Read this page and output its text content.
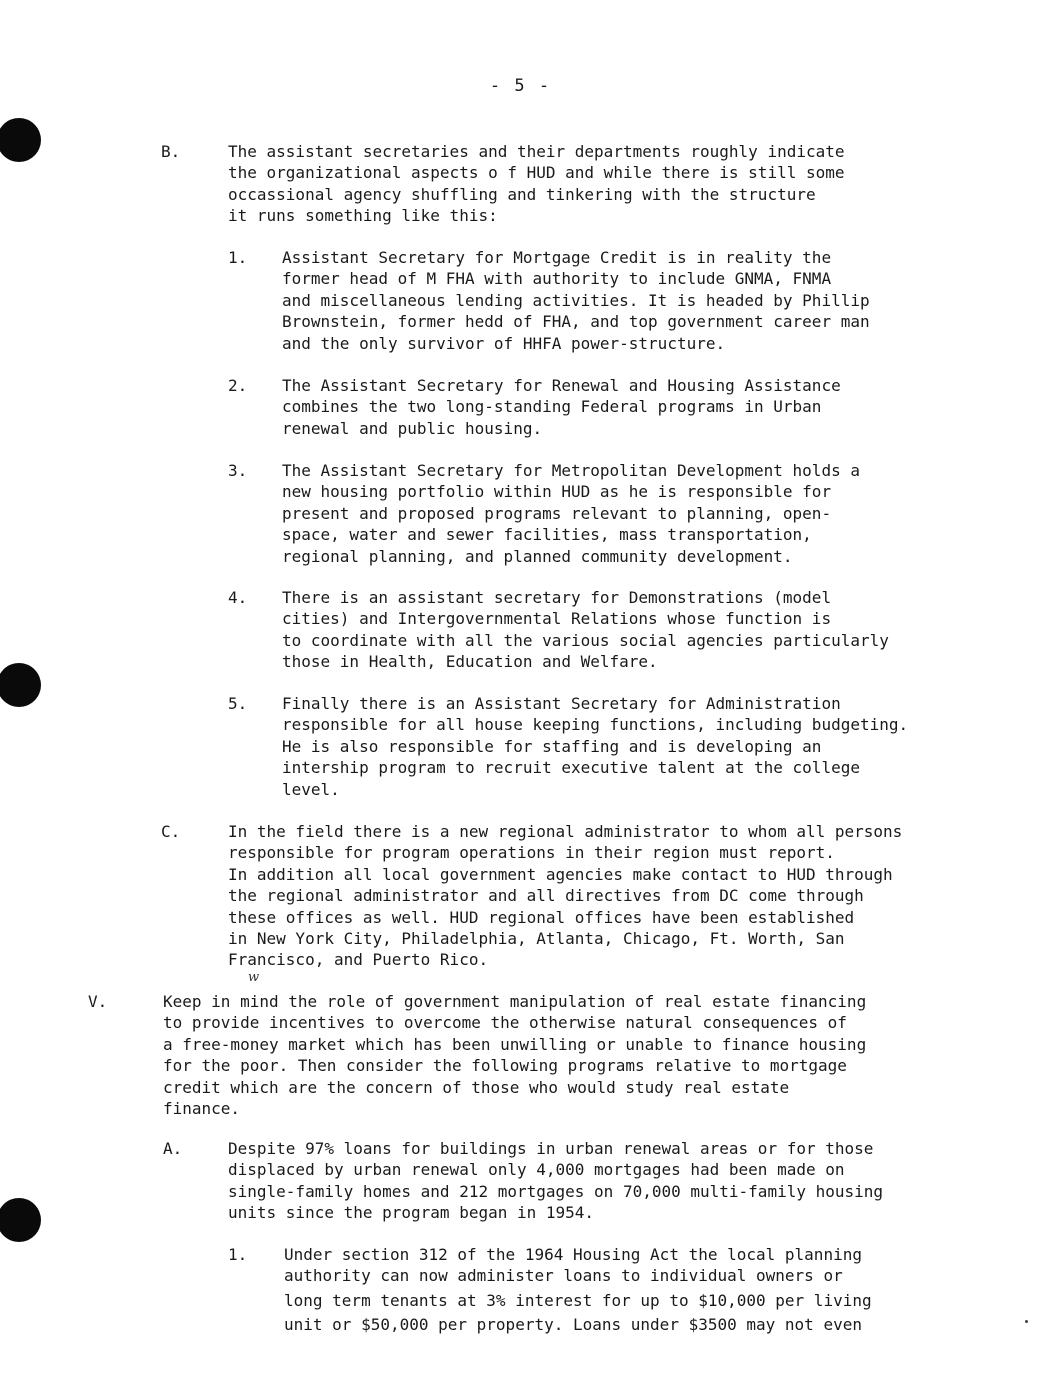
- 5 -
B.	The assistant secretaries and their departments roughly indicate
the organizational aspects o f HUD and while there is still some
occassional agency shuffling and tinkering with the structure
it runs something like this:
1. Assistant Secretary for Mortgage Credit is in reality the
former head of M FHA with authority to include GNMA, FNMA
and miscellaneous lending activities. It is headed by Phillip
Brownstein, former hedd of FHA, and top government career man
and the only survivor of HHFA power-structure.
2. The Assistant Secretary for Renewal and Housing Assistance
combines the two long-standing Federal programs in Urban
renewal and public housing.
3. The Assistant Secretary for Metropolitan Development holds a
new housing portfolio within HUD as he is responsible for
present and proposed programs relevant to planning, open-
space, water and sewer facilities, mass transportation,
regional planning, and planned community development.
4. There is an assistant secretary for Demonstrations (model
cities) and Intergovernmental Relations whose function is
to coordinate with all the various social agencies particularly
those in Health, Education and Welfare.
5. Finally there is an Assistant Secretary for Administration
responsible for all house keeping functions, including budgeting.
He is also responsible for staffing and is developing an
intership program to recruit executive talent at the college
level.
C.	In the field there is a new regional administrator to whom all persons
responsible for program operations in their region must report.
In addition all local government agencies make contact to HUD through
the regional administrator and all directives from DC come through
these offices as well. HUD regional offices have been established
in New York City, Philadelphia, Atlanta, Chicago, Ft. Worth, San
Francisco, and Puerto Rico.
w
V.	Keep in mind the role of government manipulation of real estate financing
to provide incentives to overcome the otherwise natural consequences of
a free-money market which has been unwilling or unable to finance housing
for the poor. Then consider the following programs relative to mortgage
credit which are the concern of those who would study real estate
finance.
A.	Despite 97% loans for buildings in urban renewal areas or for those
displaced by urban renewal only 4,000 mortgages had been made on
single-family homes and 212 mortgages on 70,000 multi-family housing
units since the program began in 1954.
1. Under section 312 of the 1964 Housing Act the local planning
authority can now administer loans to individual owners or
long term tenants at 3% interest for up to $10,000 per living
unit or $50,000 per property. Loans under $3500 may not even
